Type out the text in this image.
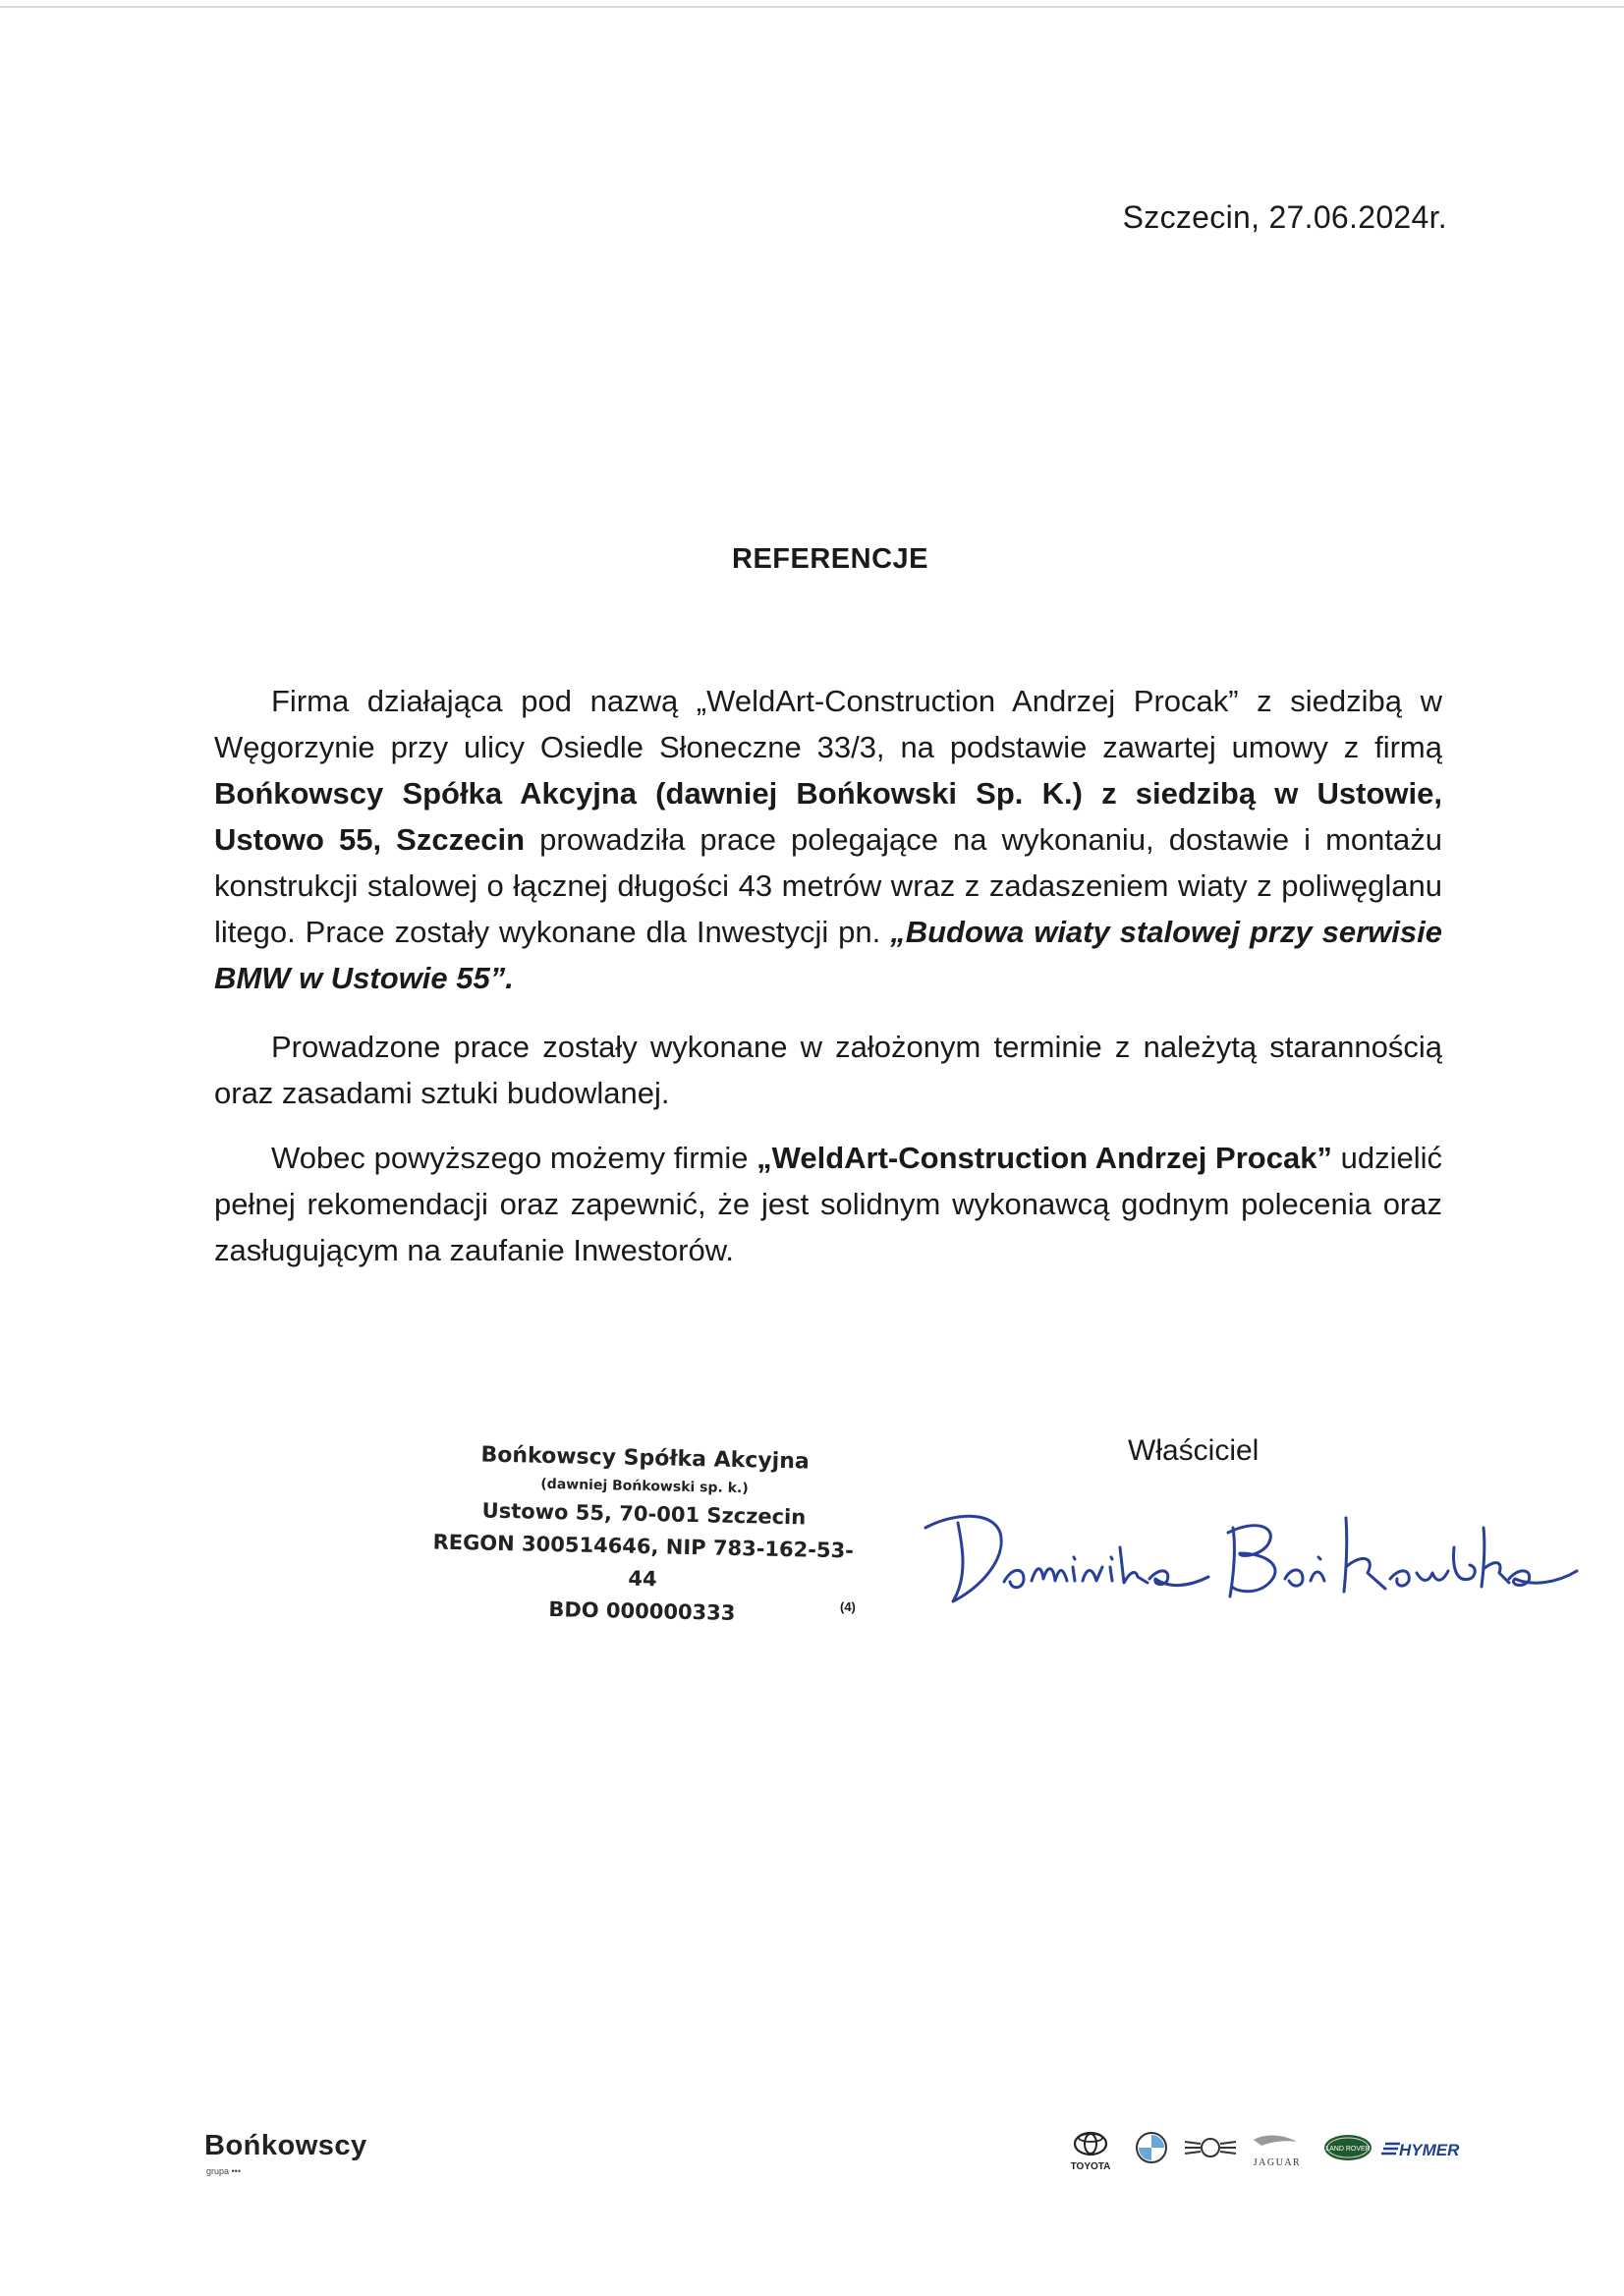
Szczecin, 27.06.2024r.
REFERENCJE

Firma działająca pod nazwą „WeldArt-Construction Andrzej Procak” z siedzibą w Węgorzynie przy ulicy Osiedle Słoneczne 33/3, na podstawie zawartej umowy z firmą Bońkowscy Spółka Akcyjna (dawniej Bońkowski Sp. K.) z siedzibą w Ustowie, Ustowo 55, Szczecin prowadziła prace polegające na wykonaniu, dostawie i montażu konstrukcji stalowej o łącznej długości 43 metrów wraz z zadaszeniem wiaty z poliwęglanu litego. Prace zostały wykonane dla Inwestycji pn. „Budowa wiaty stalowej przy serwisie BMW w Ustowie 55”.

Prowadzone prace zostały wykonane w założonym terminie z należytą starannością oraz zasadami sztuki budowlanej.

Wobec powyższego możemy firmie „WeldArt-Construction Andrzej Procak” udzielić pełnej rekomendacji oraz zapewnić, że jest solidnym wykonawcą godnym polecenia oraz zasługującym na zaufanie Inwestorów.

Bońkowscy Spółka Akcyjna
(dawniej Bońkowski sp. k.)
Ustowo 55, 70-001 Szczecin
REGON 300514646, NIP 783-162-53-44
BDO 000000333	(4)
Właściciel
Bońkowscy
grupa •••	TOYOTA	JAGUAR
LAND ROVER HYMER
